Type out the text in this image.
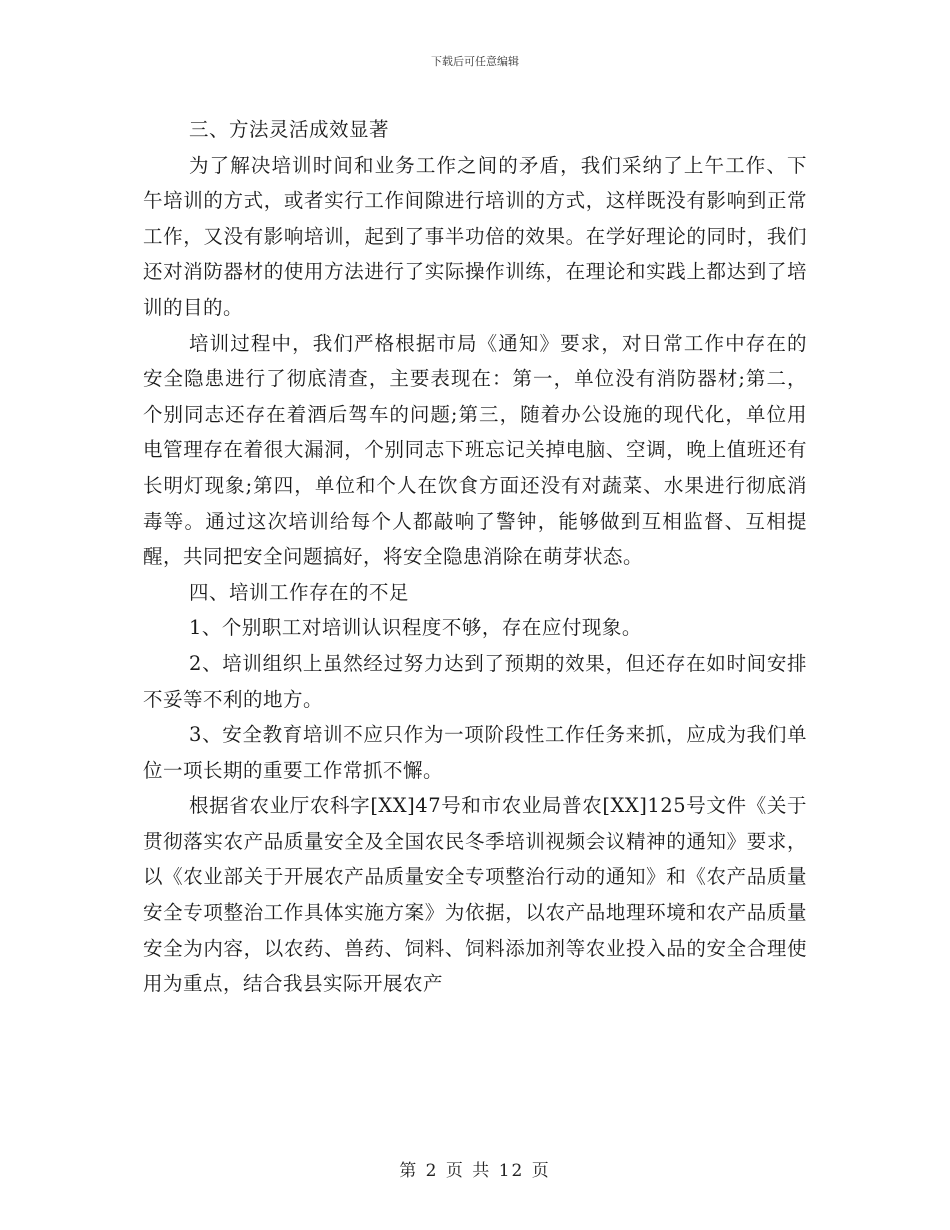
下载后可任意编辑

三、方法灵活成效显著

为了解决培训时间和业务工作之间的矛盾，我们采纳了上午工作、下午培训的方式，或者实行工作间隙进行培训的方式，这样既没有影响到正常工作，又没有影响培训，起到了事半功倍的效果。在学好理论的同时，我们还对消防器材的使用方法进行了实际操作训练，在理论和实践上都达到了培训的目的。

培训过程中，我们严格根据市局《通知》要求，对日常工作中存在的安全隐患进行了彻底清查，主要表现在：第一，单位没有消防器材;第二，个别同志还存在着酒后驾车的问题;第三，随着办公设施的现代化，单位用电管理存在着很大漏洞，个别同志下班忘记关掉电脑、空调，晚上值班还有长明灯现象;第四，单位和个人在饮食方面还没有对蔬菜、水果进行彻底消毒等。通过这次培训给每个人都敲响了警钟，能够做到互相监督、互相提醒，共同把安全问题搞好，将安全隐患消除在萌芽状态。

四、培训工作存在的不足

1、个别职工对培训认识程度不够，存在应付现象。

2、培训组织上虽然经过努力达到了预期的效果，但还存在如时间安排不妥等不利的地方。

3、安全教育培训不应只作为一项阶段性工作任务来抓，应成为我们单位一项长期的重要工作常抓不懈。

根据省农业厅农科字[XX]47号和市农业局普农[XX]125号文件《关于贯彻落实农产品质量安全及全国农民冬季培训视频会议精神的通知》要求，以《农业部关于开展农产品质量安全专项整治行动的通知》和《农产品质量安全专项整治工作具体实施方案》为依据，以农产品地理环境和农产品质量安全为内容，以农药、兽药、饲料、饲料添加剂等农业投入品的安全合理使用为重点，结合我县实际开展农产

第 2 页 共 12 页
